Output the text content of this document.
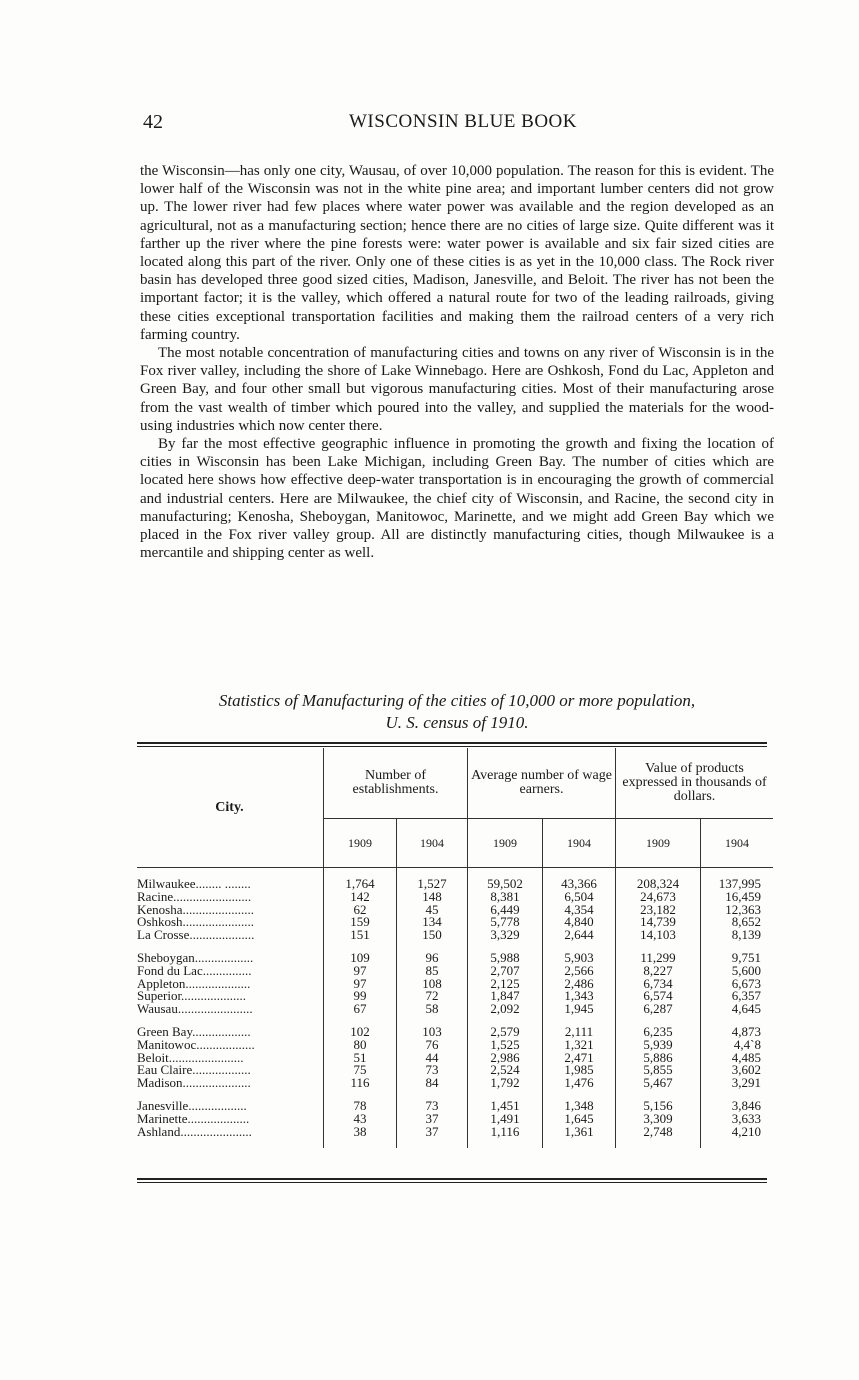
42	WISCONSIN BLUE BOOK

the Wisconsin—has only one city, Wausau, of over 10,000 population. The reason for this is evident. The lower half of the Wisconsin was not in the white pine area; and important lumber centers did not grow up. The lower river had few places where water power was available and the region developed as an agricultural, not as a manufacturing section; hence there are no cities of large size. Quite different was it farther up the river where the pine forests were: water power is available and six fair sized cities are located along this part of the river. Only one of these cities is as yet in the 10,000 class. The Rock river basin has developed three good sized cities, Madison, Janesville, and Beloit. The river has not been the important factor; it is the valley, which offered a natural route for two of the leading railroads, giving these cities exceptional transportation facilities and making them the railroad centers of a very rich farming country.

The most notable concentration of manufacturing cities and towns on any river of Wisconsin is in the Fox river valley, including the shore of Lake Winnebago. Here are Oshkosh, Fond du Lac, Appleton and Green Bay, and four other small but vigorous manufacturing cities. Most of their manufacturing arose from the vast wealth of timber which poured into the valley, and supplied the materials for the wood-using industries which now center there.

By far the most effective geographic influence in promoting the growth and fixing the location of cities in Wisconsin has been Lake Michigan, including Green Bay. The number of cities which are located here shows how effective deep-water transportation is in encouraging the growth of commercial and industrial centers. Here are Milwaukee, the chief city of Wisconsin, and Racine, the second city in manufacturing; Kenosha, Sheboygan, Manitowoc, Marinette, and we might add Green Bay which we placed in the Fox river valley group. All are distinctly manufacturing cities, though Milwaukee is a mercantile and shipping center as well.

Statistics of Manufacturing of the cities of 10,000 or more population,
U. S. census of 1910.
City.	Number of establishments.		Average number of wage earners.		Value of products expressed in thousands of dollars.	
	1909	1904	1909	1904	1909	1904

Milwaukee........ ........	1,764	1,527	59,502	43,366	208,324	137,995
Racine........................	142	148	8,381	6,504	24,673	16,459
Kenosha......................	62	45	6,449	4,354	23,182	12,363
Oshkosh......................	159	134	5,778	4,840	14,739	8,652
La Crosse....................	151	150	3,329	2,644	14,103	8,139

Sheboygan..................	109	96	5,988	5,903	11,299	9,751
Fond du Lac...............	97	85	2,707	2,566	8,227	5,600
Appleton....................	97	108	2,125	2,486	6,734	6,673
Superior....................	99	72	1,847	1,343	6,574	6,357
Wausau.......................	67	58	2,092	1,945	6,287	4,645

Green Bay..................	102	103	2,579	2,111	6,235	4,873
Manitowoc..................	80	76	1,525	1,321	5,939	4,4`8
Beloit.......................	51	44	2,986	2,471	5,886	4,485
Eau Claire..................	75	73	2,524	1,985	5,855	3,602
Madison.....................	116	84	1,792	1,476	5,467	3,291

Janesville..................	78	73	1,451	1,348	5,156	3,846
Marinette...................	43	37	1,491	1,645	3,309	3,633
Ashland......................	38	37	1,116	1,361	2,748	4,210
